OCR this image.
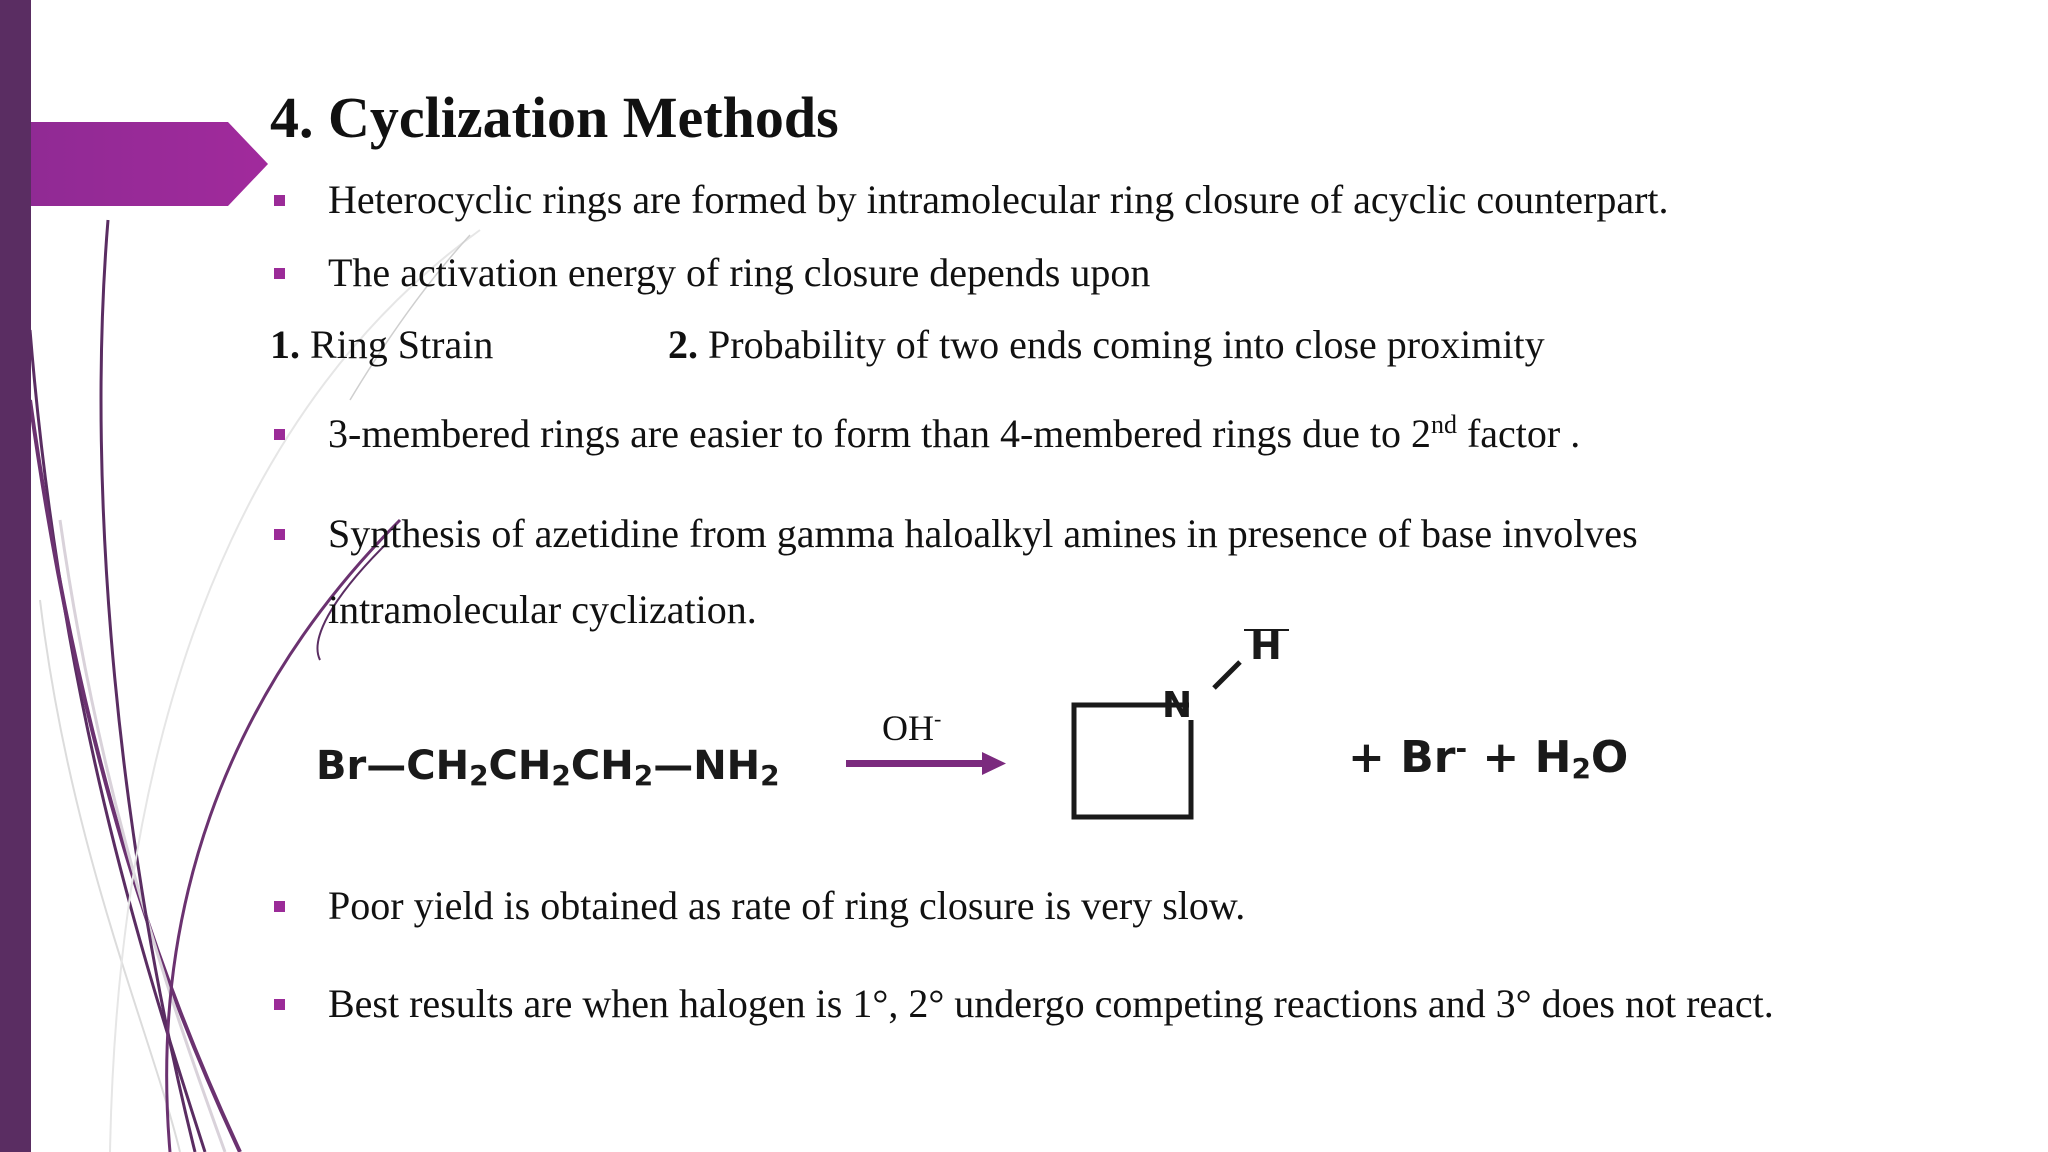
4. Cyclization Methods
Heterocyclic rings are formed by intramolecular ring closure of acyclic counterpart.
The activation energy of ring closure depends upon
1. Ring Strain	2. Probability of two ends coming into close proximity
3-membered rings are easier to form than 4-membered rings due to 2nd factor .
Synthesis of azetidine from gamma haloalkyl amines in presence of base involves
intramolecular cyclization.
$Br—CH_2CH_2CH_2—NH_2$
OH-	N
H
+ $Br^- + H_2O$
Poor yield is obtained as rate of ring closure is very slow.
Best results are when halogen is 1°, 2° undergo competing reactions and 3° does not react.
